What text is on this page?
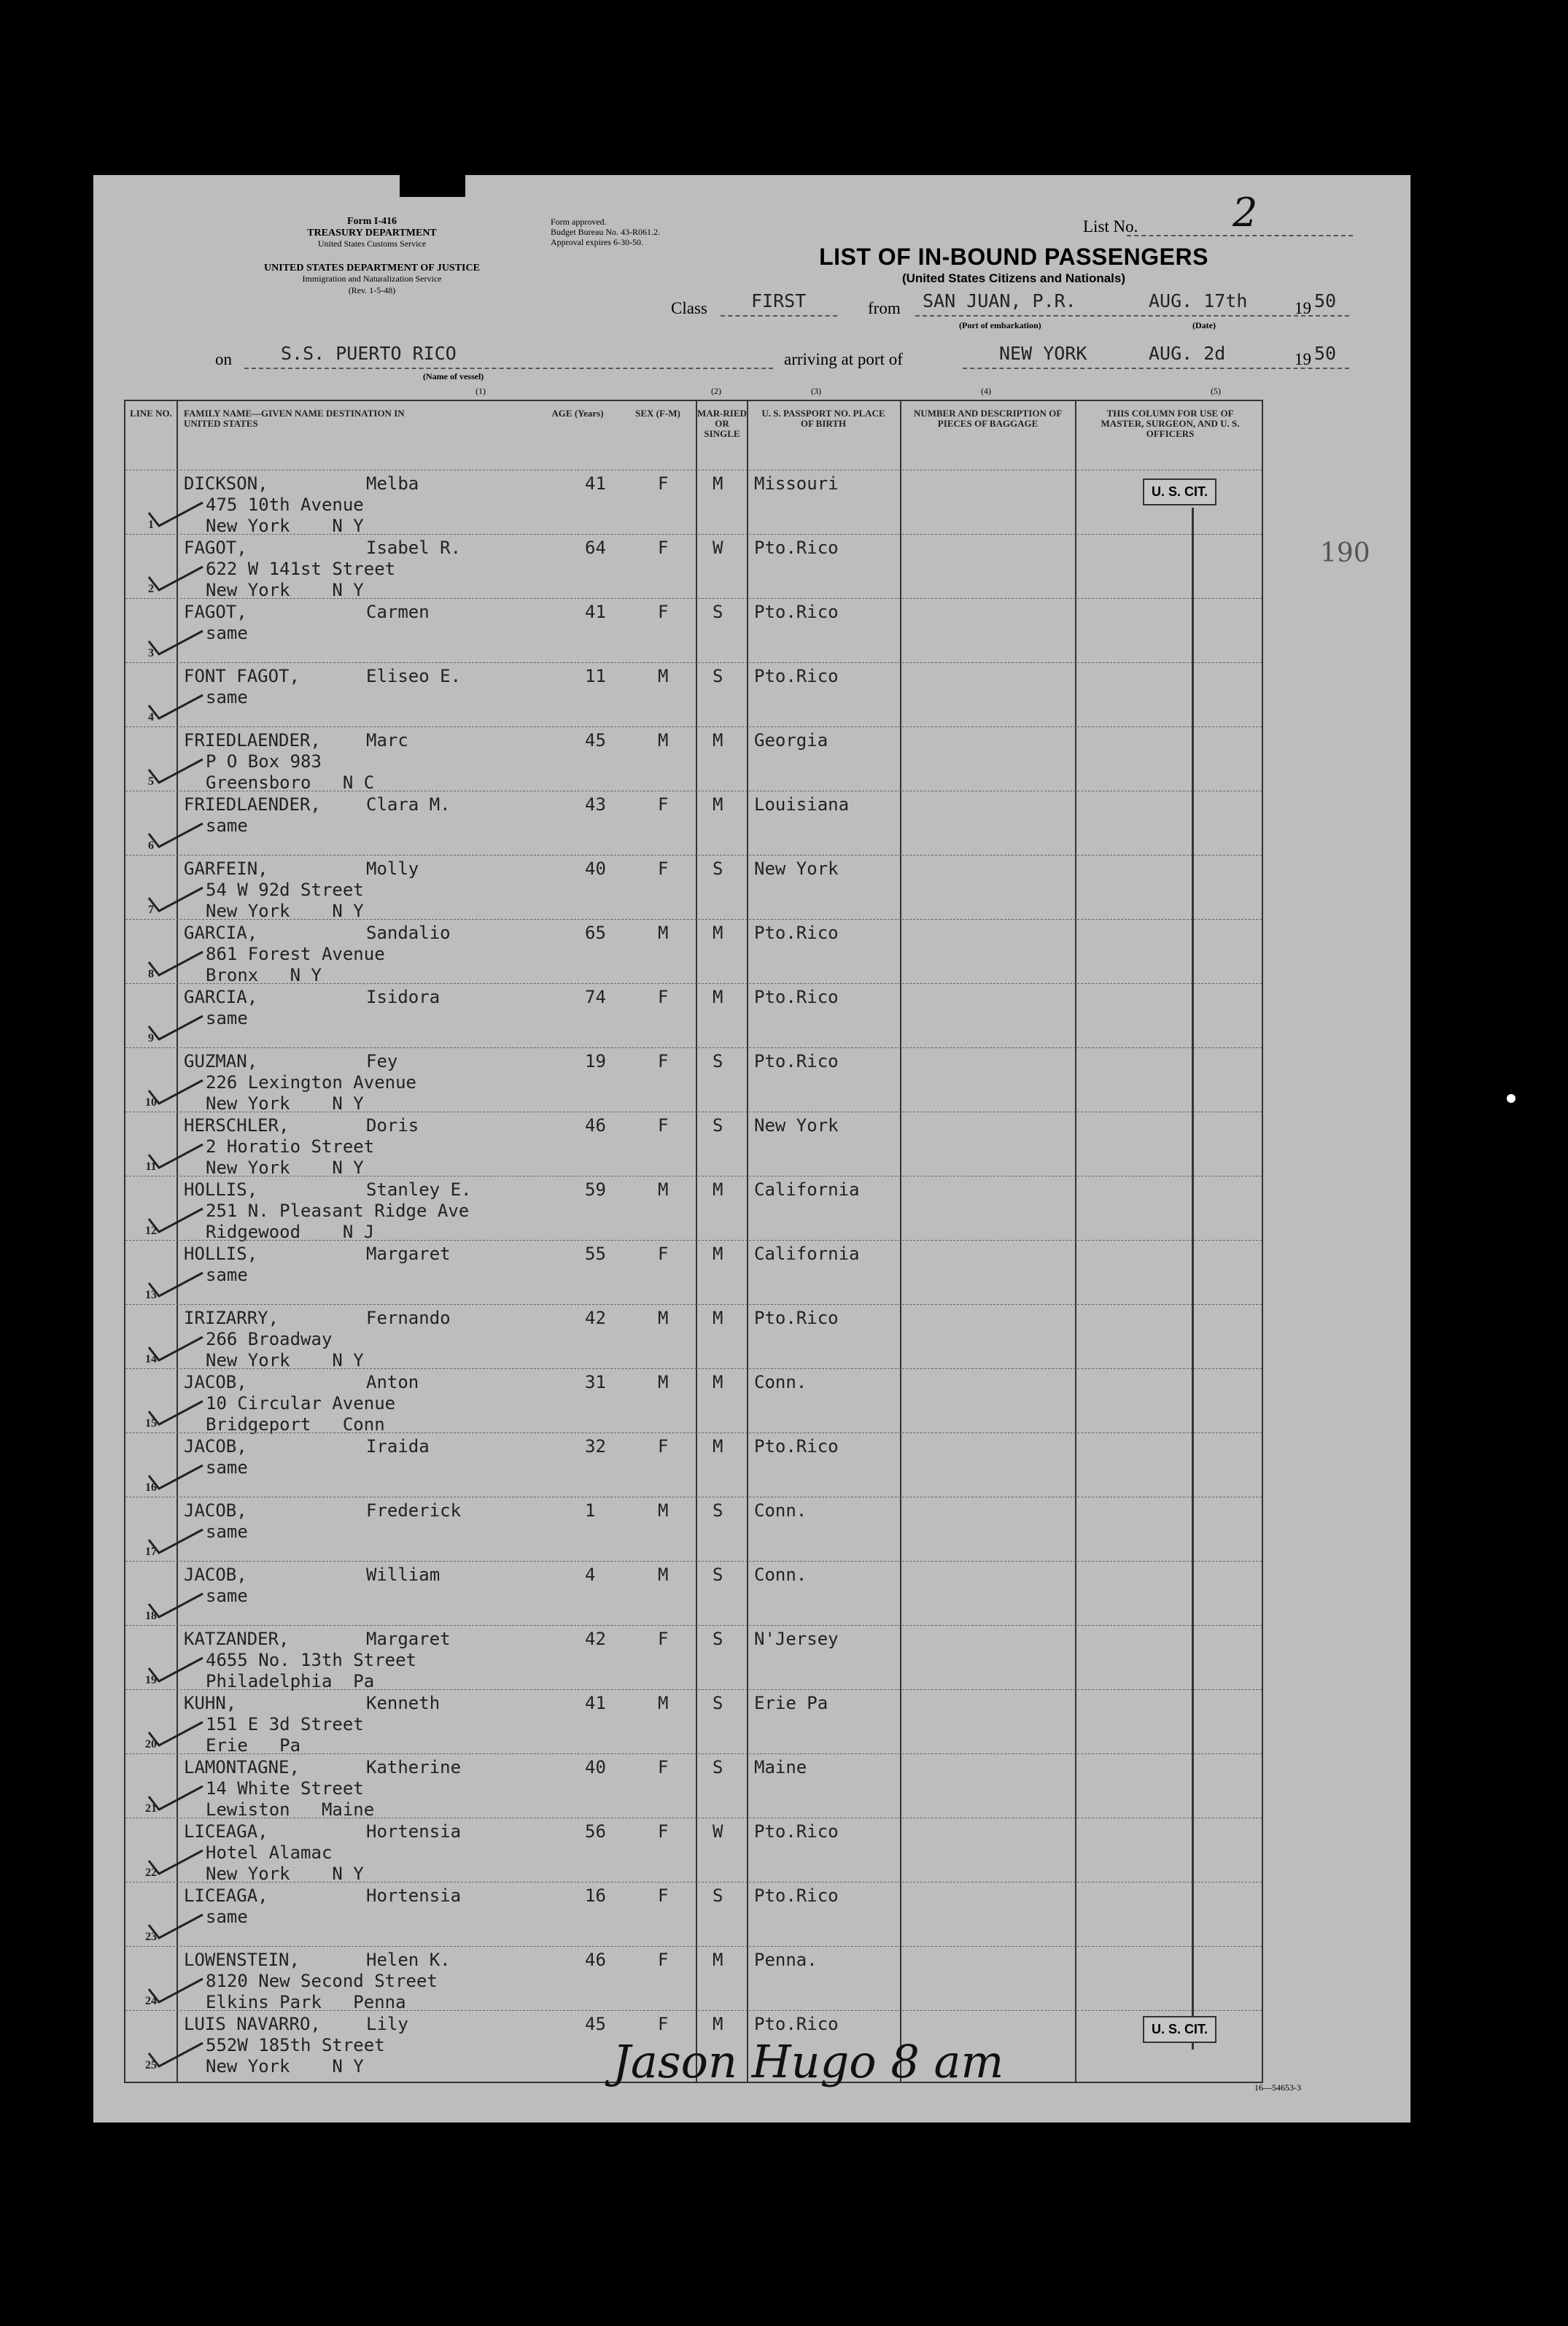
Form I-416
TREASURY DEPARTMENT
United States Customs Service
UNITED STATES DEPARTMENT OF JUSTICE
Immigration and Naturalization Service
(Rev. 1-5-48)
Form approved.
Budget Bureau No. 43-R061.2.
Approval expires 6-30-50.
List No. 2
LIST OF IN-BOUND PASSENGERS
(United States Citizens and Nationals)
Class FIRST	from SAN JUAN, P.R.	AUG. 17th	19 50
(Port of embarkation)	(Date)
on	S.S. PUERTO RICO	arriving at port of	NEW YORK	AUG. 2d	19 50
(Name of vessel)
(1)	(2)	(3)	(4)	(5)
LINE NO.	FAMILY NAME—GIVEN NAME DESTINATION IN UNITED STATES
AGE (Years)	SEX (F-M)	MAR-RIED OR SINGLE
U. S. PASSPORT NO. PLACE OF BIRTH
NUMBER AND DESCRIPTION OF PIECES OF BAGGAGE
THIS COLUMN FOR USE OF MASTER, SURGEON, AND U. S. OFFICERS
1
DICKSON,	Melba
475 10th Avenue
New York    N Y
41	F	M Missouri
2
FAGOT,	Isabel R.
622 W 141st Street
New York    N Y
64	F	W Pto.Rico
3
FAGOT,	Carmen
same
41	F	S Pto.Rico
4
FONT FAGOT,	Eliseo E.
same
11	M	S Pto.Rico
5
FRIEDLAENDER,	Marc
P O Box 983
Greensboro   N C
45	M	M Georgia
6
FRIEDLAENDER,	Clara M.
same
43	F	M Louisiana
7
GARFEIN,	Molly
54 W 92d Street
New York    N Y
40	F	S New York
8
GARCIA,	Sandalio
861 Forest Avenue
Bronx   N Y
65	M	M Pto.Rico
9
GARCIA,	Isidora
same
74	F	M Pto.Rico
10
GUZMAN,	Fey
226 Lexington Avenue
New York    N Y
19	F	S Pto.Rico
11
HERSCHLER,	Doris
2 Horatio Street
New York    N Y
46	F	S New York
12
HOLLIS,	Stanley E.
251 N. Pleasant Ridge Ave
Ridgewood    N J
59	M	M California
13
HOLLIS,	Margaret
same
55	F	M California
14
IRIZARRY,	Fernando
266 Broadway
New York    N Y
42	M	M Pto.Rico
15
JACOB,	Anton
10 Circular Avenue
Bridgeport   Conn
31	M	M Conn.
16
JACOB,	Iraida
same
32	F	M Pto.Rico
17
JACOB,	Frederick
same
1	M	S Conn.
18
JACOB,	William
same
4	M	S Conn.
19
KATZANDER,	Margaret
4655 No. 13th Street
Philadelphia  Pa
42	F	S N'Jersey
20
KUHN,	Kenneth
151 E 3d Street
Erie   Pa
41	M	S Erie Pa
21
LAMONTAGNE,	Katherine
14 White Street
Lewiston   Maine
40	F	S Maine
22
LICEAGA,	Hortensia
Hotel Alamac
New York    N Y
56	F	W Pto.Rico
23
LICEAGA,	Hortensia
same
16	F	S Pto.Rico
24
LOWENSTEIN,	Helen K.
8120 New Second Street
Elkins Park   Penna
46	F	M Penna.
25
LUIS NAVARRO,	Lily
552W 185th Street
New York    N Y
45	F	M Pto.Rico
U. S. CIT.
U. S. CIT.
190
Jason Hugo 8 am	16—54653-3
